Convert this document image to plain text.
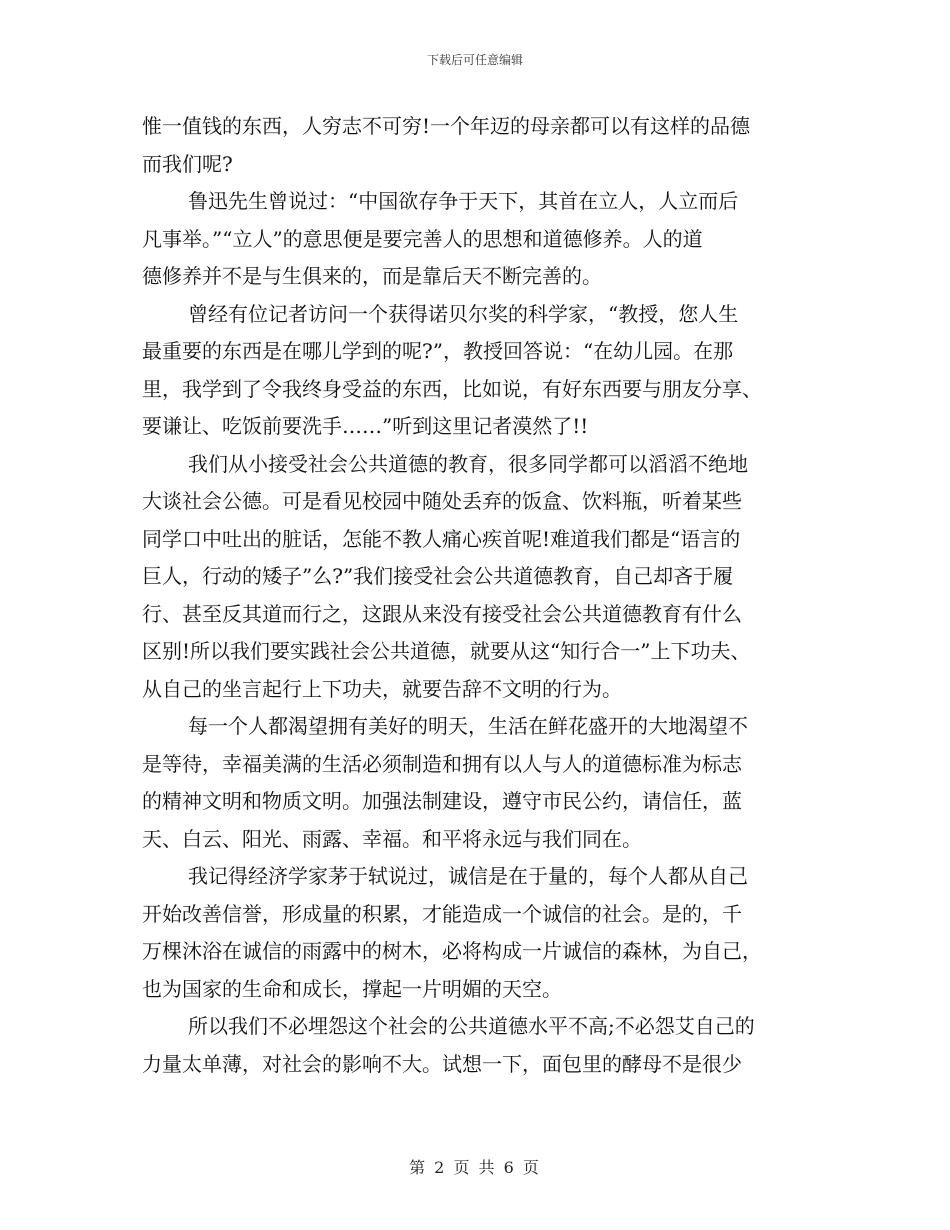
下载后可任意编辑
惟一值钱的东西，人穷志不可穷!一个年迈的母亲都可以有这样的品德
而我们呢?
鲁迅先生曾说过：“中国欲存争于天下，其首在立人，人立而后
凡事举。”“立人”的意思便是要完善人的思想和道德修养。人的道
德修养并不是与生俱来的，而是靠后天不断完善的。
曾经有位记者访问一个获得诺贝尔奖的科学家，“教授，您人生
最重要的东西是在哪儿学到的呢?”，教授回答说：“在幼儿园。在那
里，我学到了令我终身受益的东西，比如说，有好东西要与朋友分享、
要谦让、吃饭前要洗手……”听到这里记者漠然了!!
我们从小接受社会公共道德的教育，很多同学都可以滔滔不绝地
大谈社会公德。可是看见校园中随处丢弃的饭盒、饮料瓶，听着某些
同学口中吐出的脏话，怎能不教人痛心疾首呢!难道我们都是“语言的
巨人，行动的矮子”么?”我们接受社会公共道德教育，自己却吝于履
行、甚至反其道而行之，这跟从来没有接受社会公共道德教育有什么
区别!所以我们要实践社会公共道德，就要从这“知行合一”上下功夫、
从自己的坐言起行上下功夫，就要告辞不文明的行为。
每一个人都渴望拥有美好的明天，生活在鲜花盛开的大地渴望不
是等待，幸福美满的生活必须制造和拥有以人与人的道德标准为标志
的精神文明和物质文明。加强法制建设，遵守市民公约，请信任，蓝
天、白云、阳光、雨露、幸福。和平将永远与我们同在。
我记得经济学家茅于轼说过，诚信是在于量的，每个人都从自己
开始改善信誉，形成量的积累，才能造成一个诚信的社会。是的，千
万棵沐浴在诚信的雨露中的树木，必将构成一片诚信的森林，为自己，
也为国家的生命和成长，撑起一片明媚的天空。
所以我们不必埋怨这个社会的公共道德水平不高;不必怨艾自己的
力量太单薄，对社会的影响不大。试想一下，面包里的酵母不是很少
第 2 页 共 6 页
